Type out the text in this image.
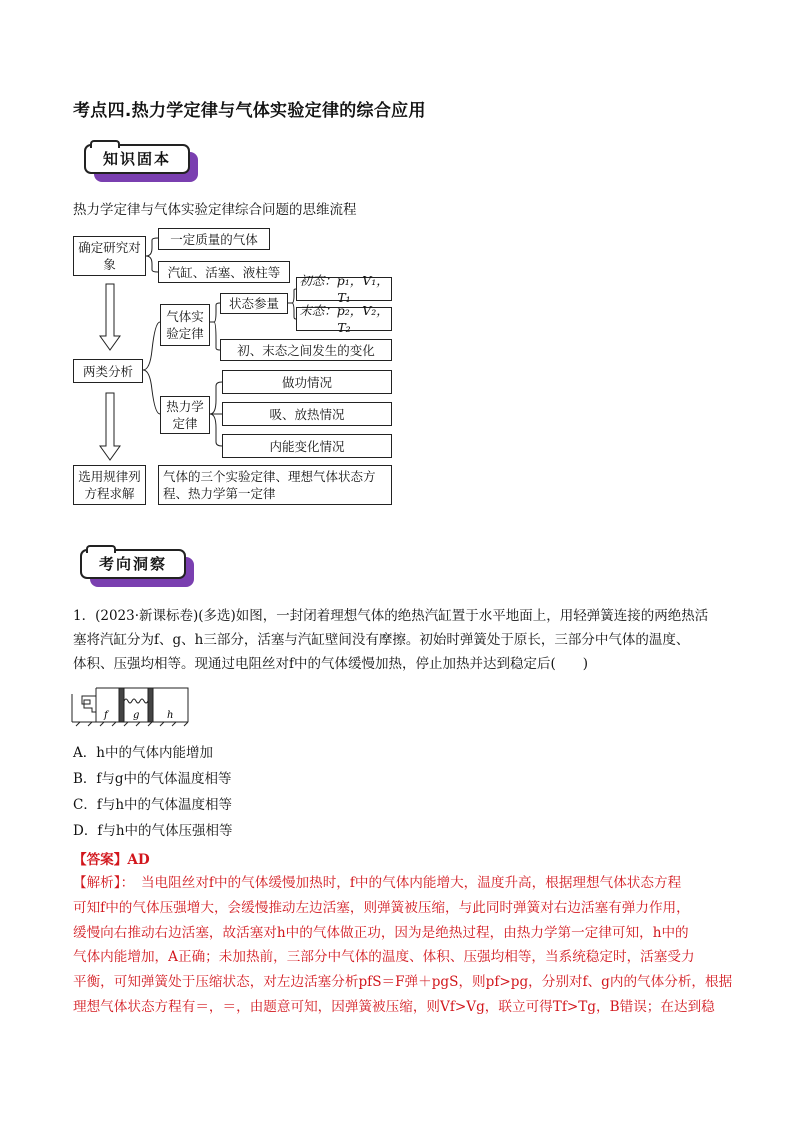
考点四.热力学定律与气体实验定律的综合应用
知识固本
热力学定律与气体实验定律综合问题的思维流程
确定研究对象
一定质量的气体
汽缸、活塞、液柱等
气体实验定律
状态参量
初态：p₁，V₁，T₁
末态：p₂，V₂，T₂
初、末态之间发生的变化
两类分析
热力学定律
做功情况
吸、放热情况
内能变化情况
选用规律列方程求解
气体的三个实验定律、理想气体状态方程、热力学第一定律
考向洞察
1．(2023·新课标卷)(多选)如图，一封闭着理想气体的绝热汽缸置于水平地面上，用轻弹簧连接的两绝热活
塞将汽缸分为f、g、h三部分，活塞与汽缸壁间没有摩擦。初始时弹簧处于原长，三部分中气体的温度、
体积、压强均相等。现通过电阻丝对f中的气体缓慢加热，停止加热并达到稳定后(　　)
f	g	h
A．h中的气体内能增加
B．f与g中的气体温度相等
C．f与h中的气体温度相等
D．f与h中的气体压强相等
【答案】AD
【解析】：　当电阻丝对f中的气体缓慢加热时，f中的气体内能增大，温度升高，根据理想气体状态方程
可知f中的气体压强增大，会缓慢推动左边活塞，则弹簧被压缩，与此同时弹簧对右边活塞有弹力作用，
缓慢向右推动右边活塞，故活塞对h中的气体做正功，因为是绝热过程，由热力学第一定律可知，h中的
气体内能增加，A正确；未加热前，三部分中气体的温度、体积、压强均相等，当系统稳定时，活塞受力
平衡，可知弹簧处于压缩状态，对左边活塞分析pfS＝F弹＋pgS，则pf>pg，分别对f、g内的气体分析，根据
理想气体状态方程有＝，＝，由题意可知，因弹簧被压缩，则Vf>Vg，联立可得Tf>Tg，B错误；在达到稳
